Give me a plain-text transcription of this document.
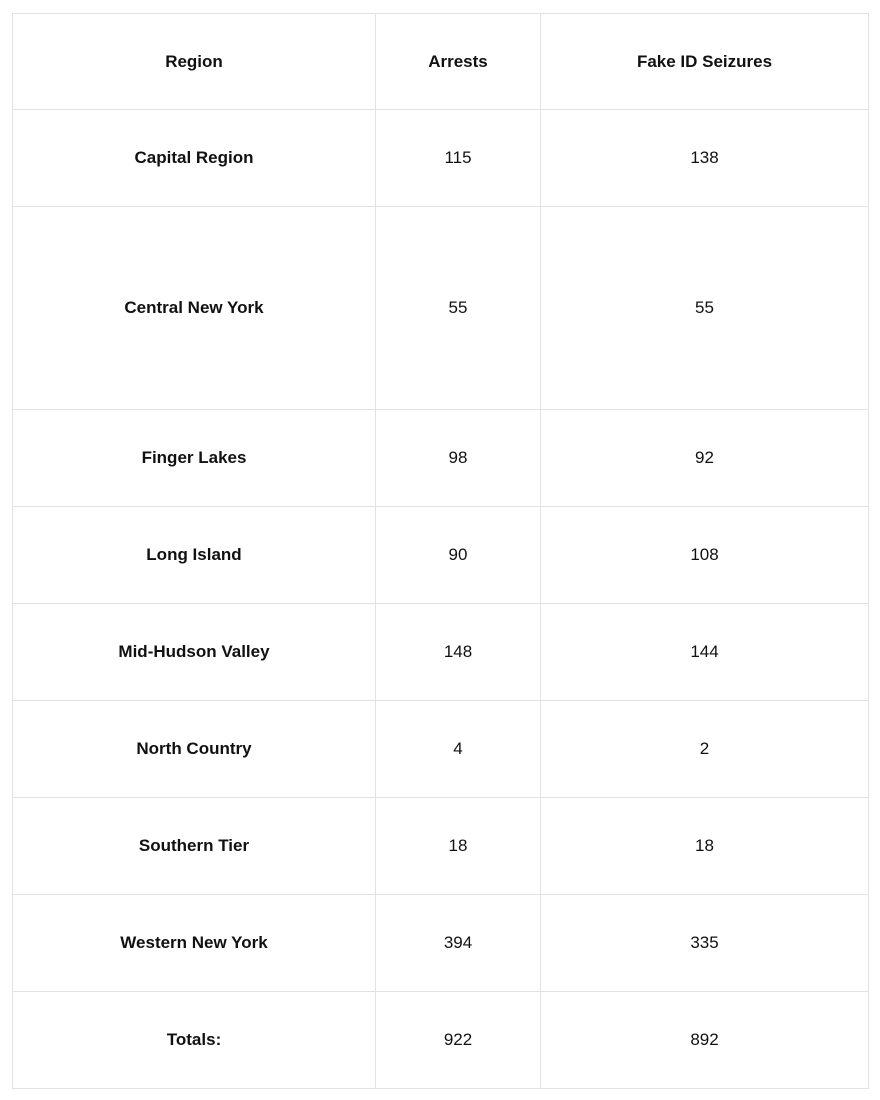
Region	Arrests	Fake ID Seizures
Capital Region	115	138
Central New York	55	55
Finger Lakes	98	92
Long Island	90	108
Mid-Hudson Valley	148	144
North Country	4	2
Southern Tier	18	18
Western New York	394	335
Totals:	922	892
